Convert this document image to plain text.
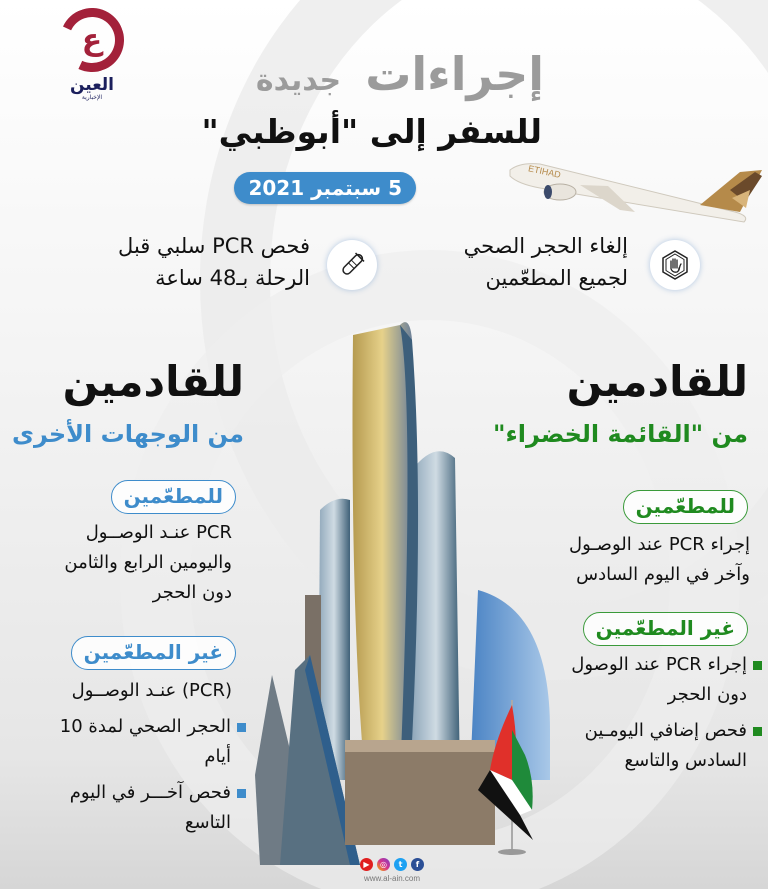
ع
العين
الإخبارية	إجراءات جديدة
للسفر إلى "أبوظبي"
5 سبتمبر 2021
ETIHAD
إلغاء الحجر الصحي
لجميع المطعّمين
فحص PCR سلبي قبل
الرحلة بـ48 ساعة
للقادمين
من "القائمة الخضراء"
للمطعّمين
إجراء PCR عند الوصـول
وآخر في اليوم السادس
غير المطعّمين
إجراء PCR عند الوصول
دون الحجر
فحص إضافي اليومـين
السادس والتاسع
للقادمين
من الوجهات الأخرى
للمطعّمين
PCR عنـد الوصــول
واليومين الرابع والثامن
دون الحجر
غير المطعّمين
(PCR) عنـد الوصــول
الحجر الصحي لمدة 10
أيام
فحص آخـــر في اليوم
التاسع
▶	◎	t	f
www.al-ain.com
